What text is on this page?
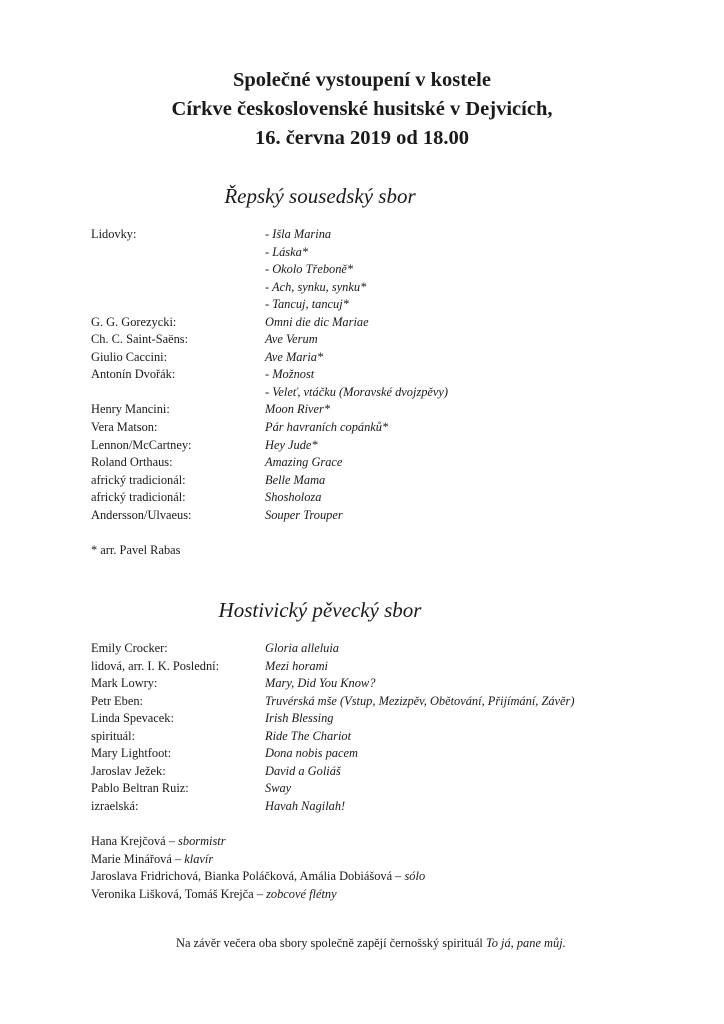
Společné vystoupení v kostele
Církve československé husitské v Dejvicích,
16. června 2019 od 18.00
Řepský sousedský sbor
Lidovky:	- Išla Marina
- Láska*
- Okolo Třeboně*
- Ach, synku, synku*
- Tancuj, tancuj*
G. G. Gorezycki:	Omni die dic Mariae
Ch. C. Saint-Saëns:	Ave Verum
Giulio Caccini:	Ave Maria*
Antonín Dvořák:	- Možnost
- Veleť, vtáčku (Moravské dvojzpěvy)
Henry Mancini:	Moon River*
Vera Matson:	Pár havraních copánků*
Lennon/McCartney:	Hey Jude*
Roland Orthaus:	Amazing Grace
africký tradicionál:	Belle Mama
africký tradicionál:	Shosholoza
Andersson/Ulvaeus:	Souper Trouper
* arr. Pavel Rabas
Hostivický pěvecký sbor
Emily Crocker:	Gloria alleluia
lidová, arr. I. K. Poslední:	Mezi horami
Mark Lowry:	Mary, Did You Know?
Petr Eben:	Truvérská mše (Vstup, Mezizpěv, Obětování, Přijímání, Závěr)
Linda Spevacek:	Irish Blessing
spirituál:	Ride The Chariot
Mary Lightfoot:	Dona nobis pacem
Jaroslav Ježek:	David a Goliáš
Pablo Beltran Ruiz:	Sway
izraelská:	Havah Nagilah!
Hana Krejčová – sbormistr
Marie Minářová – klavír
Jaroslava Fridrichová, Bianka Poláčková, Amália Dobiášová – sólo
Veronika Lišková, Tomáš Krejča – zobcové flétny
Na závěr večera oba sbory společně zapějí černošský spirituál To já, pane můj.
